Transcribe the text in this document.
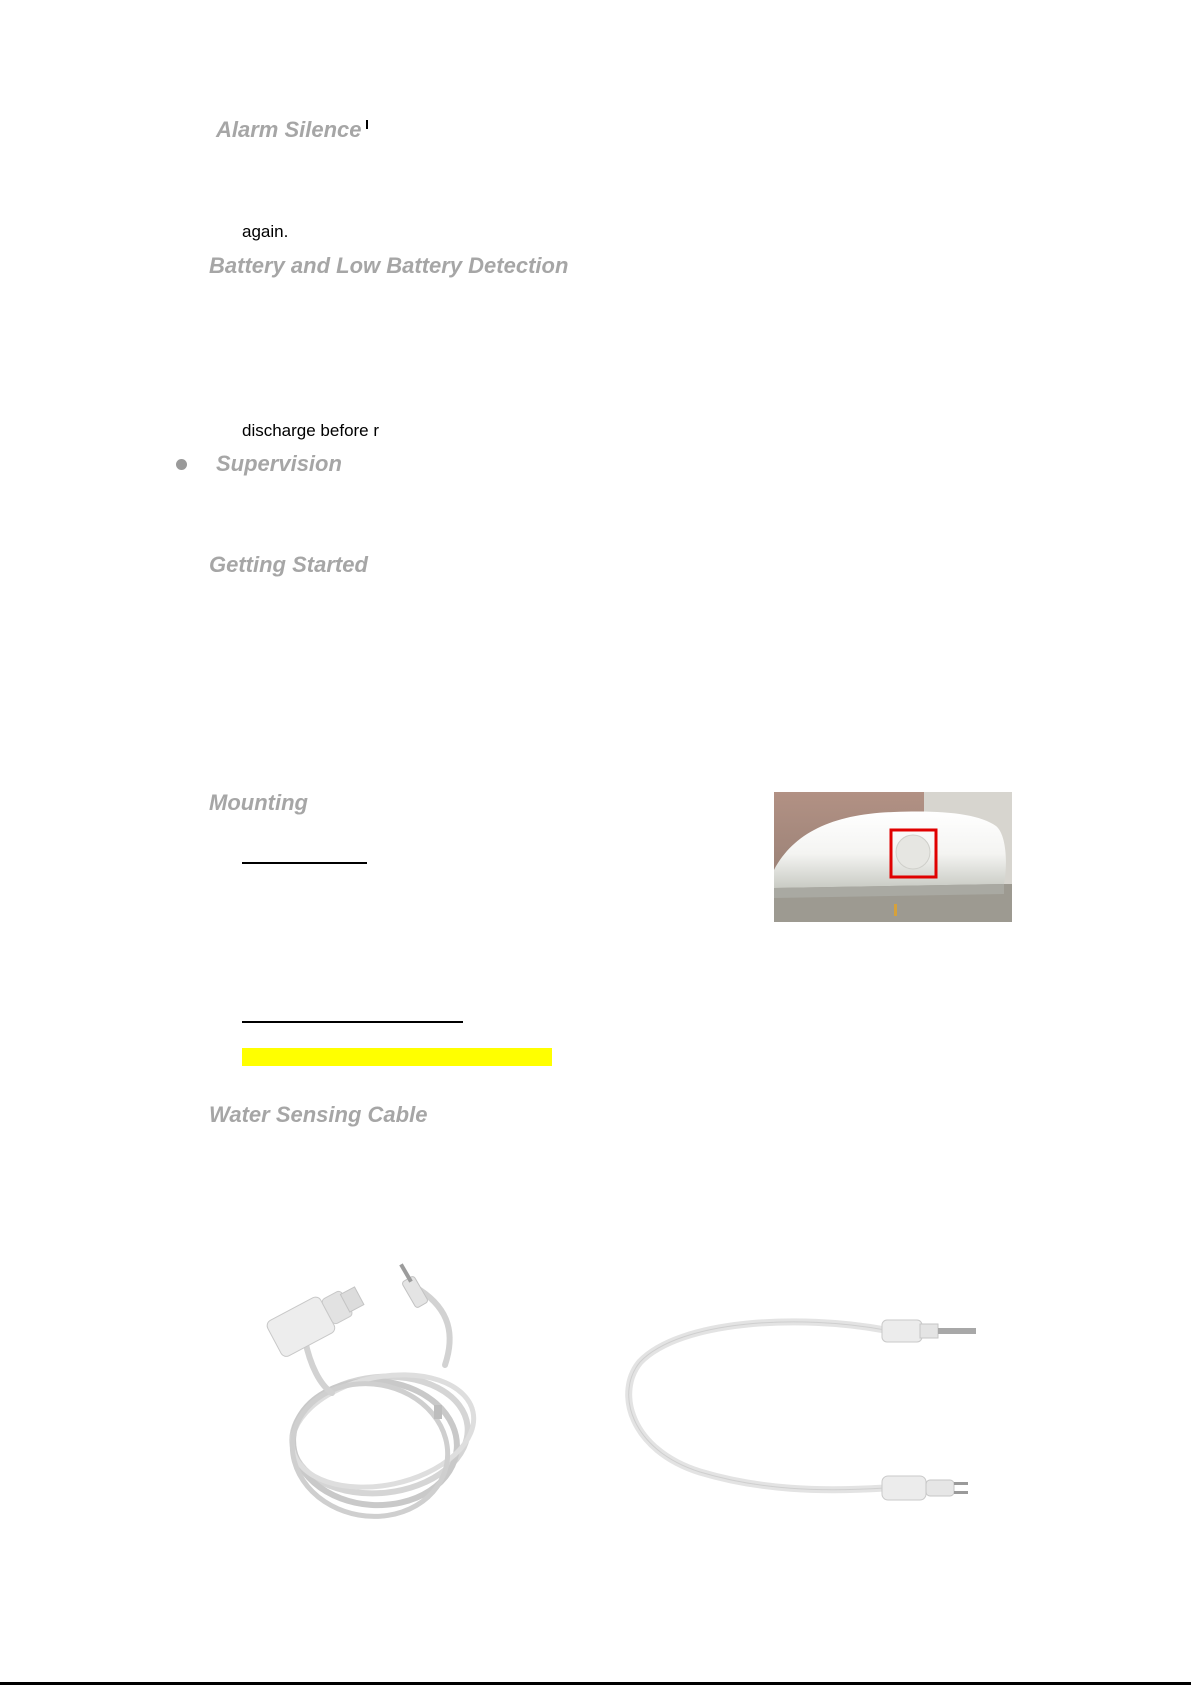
Alarm Silence
again.
Battery and Low Battery Detection
discharge before r
Supervision
Getting Started
Mounting
Water Sensing Cable
